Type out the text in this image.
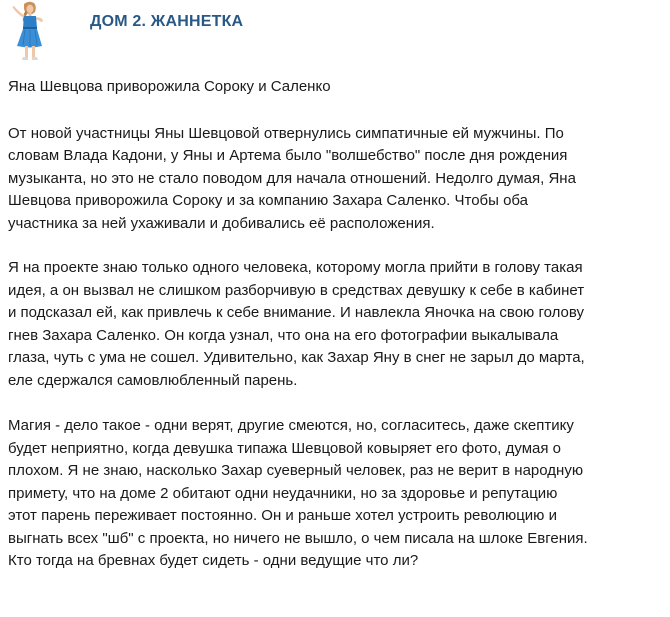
ДОМ 2. ЖАННЕТКА

Яна Шевцова приворожила Сороку и Саленко

От новой участницы Яны Шевцовой отвернулись симпатичные ей мужчины. По
словам Влада Кадони, у Яны и Артема было "волшебство" после дня рождения
музыканта, но это не стало поводом для начала отношений. Недолго думая, Яна
Шевцова приворожила Сороку и за компанию Захара Саленко. Чтобы оба
участника за ней ухаживали и добивались её расположения.

Я на проекте знаю только одного человека, которому могла прийти в голову такая
идея, а он вызвал не слишком разборчивую в средствах девушку к себе в кабинет
и подсказал ей, как привлечь к себе внимание. И навлекла Яночка на свою голову
гнев Захара Саленко. Он когда узнал, что она на его фотографии выкалывала
глаза, чуть с ума не сошел. Удивительно, как Захар Яну в снег не зарыл до марта,
еле сдержался самовлюбленный парень.

Магия - дело такое - одни верят, другие смеются, но, согласитесь, даже скептику
будет неприятно, когда девушка типажа Шевцовой ковыряет его фото, думая о
плохом. Я не знаю, насколько Захар суеверный человек, раз не верит в народную
примету, что на доме 2 обитают одни неудачники, но за здоровье и репутацию
этот парень переживает постоянно. Он и раньше хотел устроить революцию и
выгнать всех "шб" с проекта, но ничего не вышло, о чем писала на шлоке Евгения.
Кто тогда на бревнах будет сидеть - одни ведущие что ли?
